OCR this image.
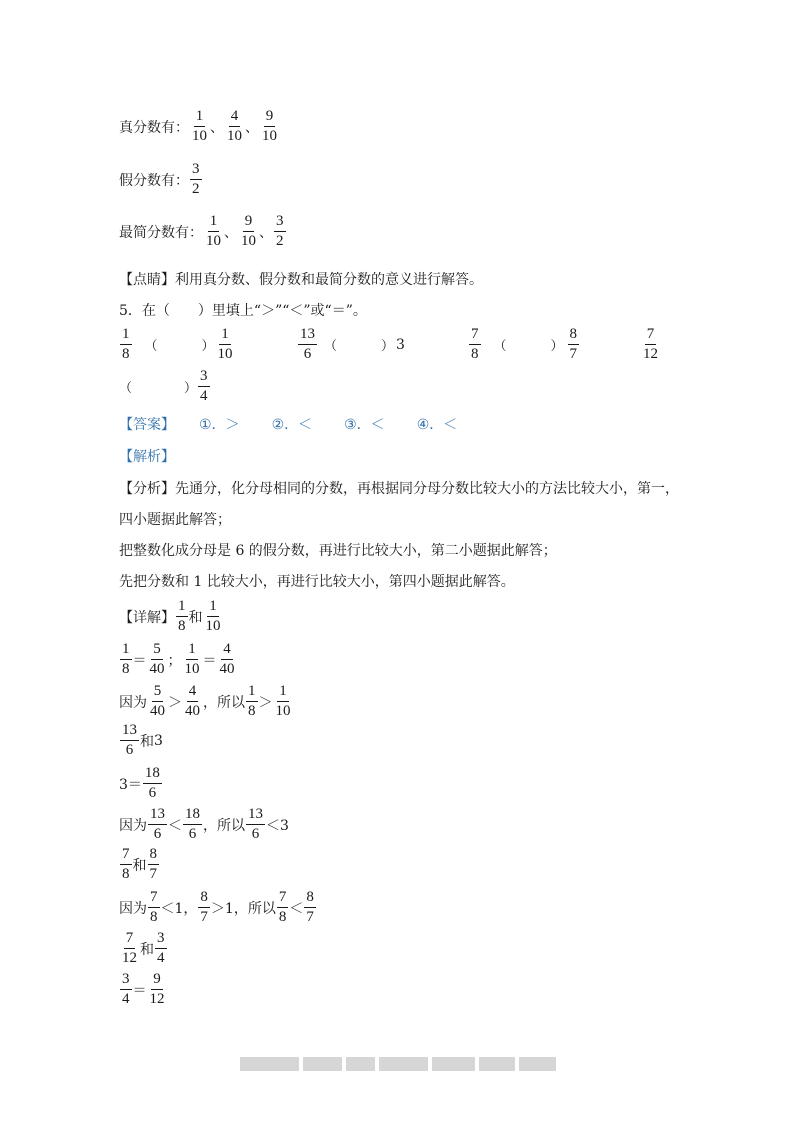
真分数有： $\frac{1}{10}$ 、 $\frac{4}{10}$ 、 $\frac{9}{10}$
假分数有： $\frac{3}{2}$
最简分数有： $\frac{1}{10}$ 、 $\frac{9}{10}$ 、 $\frac{3}{2}$
【点睛】利用真分数、假分数和最简分数的意义进行解答。
5．在（　　）里填上“＞”“＜”或“＝”。
$\frac{1}{8}$ （	） $\frac{1}{10}$	$\frac{13}{6}$ （	） 3	$\frac{7}{8}$ （	） $\frac{8}{7}$	$\frac{7}{12}$
（	） $\frac{3}{4}$
【答案】 ①．＞ ②．＜ ③．＜ ④．＜
【解析】
【分析】先通分，化分母相同的分数，再根据同分母分数比较大小的方法比较大小，第一，
四小题据此解答；
把整数化成分母是 6 的假分数，再进行比较大小，第二小题据此解答；
先把分数和 1 比较大小，再进行比较大小，第四小题据此解答。
【详解】 $\frac{1}{8}$ 和 $\frac{1}{10}$
$\frac{1}{8} = \frac{5}{40}$ ； $\frac{1}{10} = \frac{4}{40}$
因为 $\frac{5}{40} > \frac{4}{40}$ ，所以 $\frac{1}{8} > \frac{1}{10}$
$\frac{13}{6}$ 和 3
$3= \frac{18}{6}$
因为 $\frac{13}{6} < \frac{18}{6}$ ，所以 $\frac{13}{6} <3$
$\frac{7}{8}$ 和 $\frac{8}{7}$
因为 $\frac{7}{8} <1$ ， $\frac{8}{7} >1$ ，所以 $\frac{7}{8} < \frac{8}{7}$
$\frac{7}{12}$ 和 $\frac{3}{4}$
$\frac{3}{4} = \frac{9}{12}$
